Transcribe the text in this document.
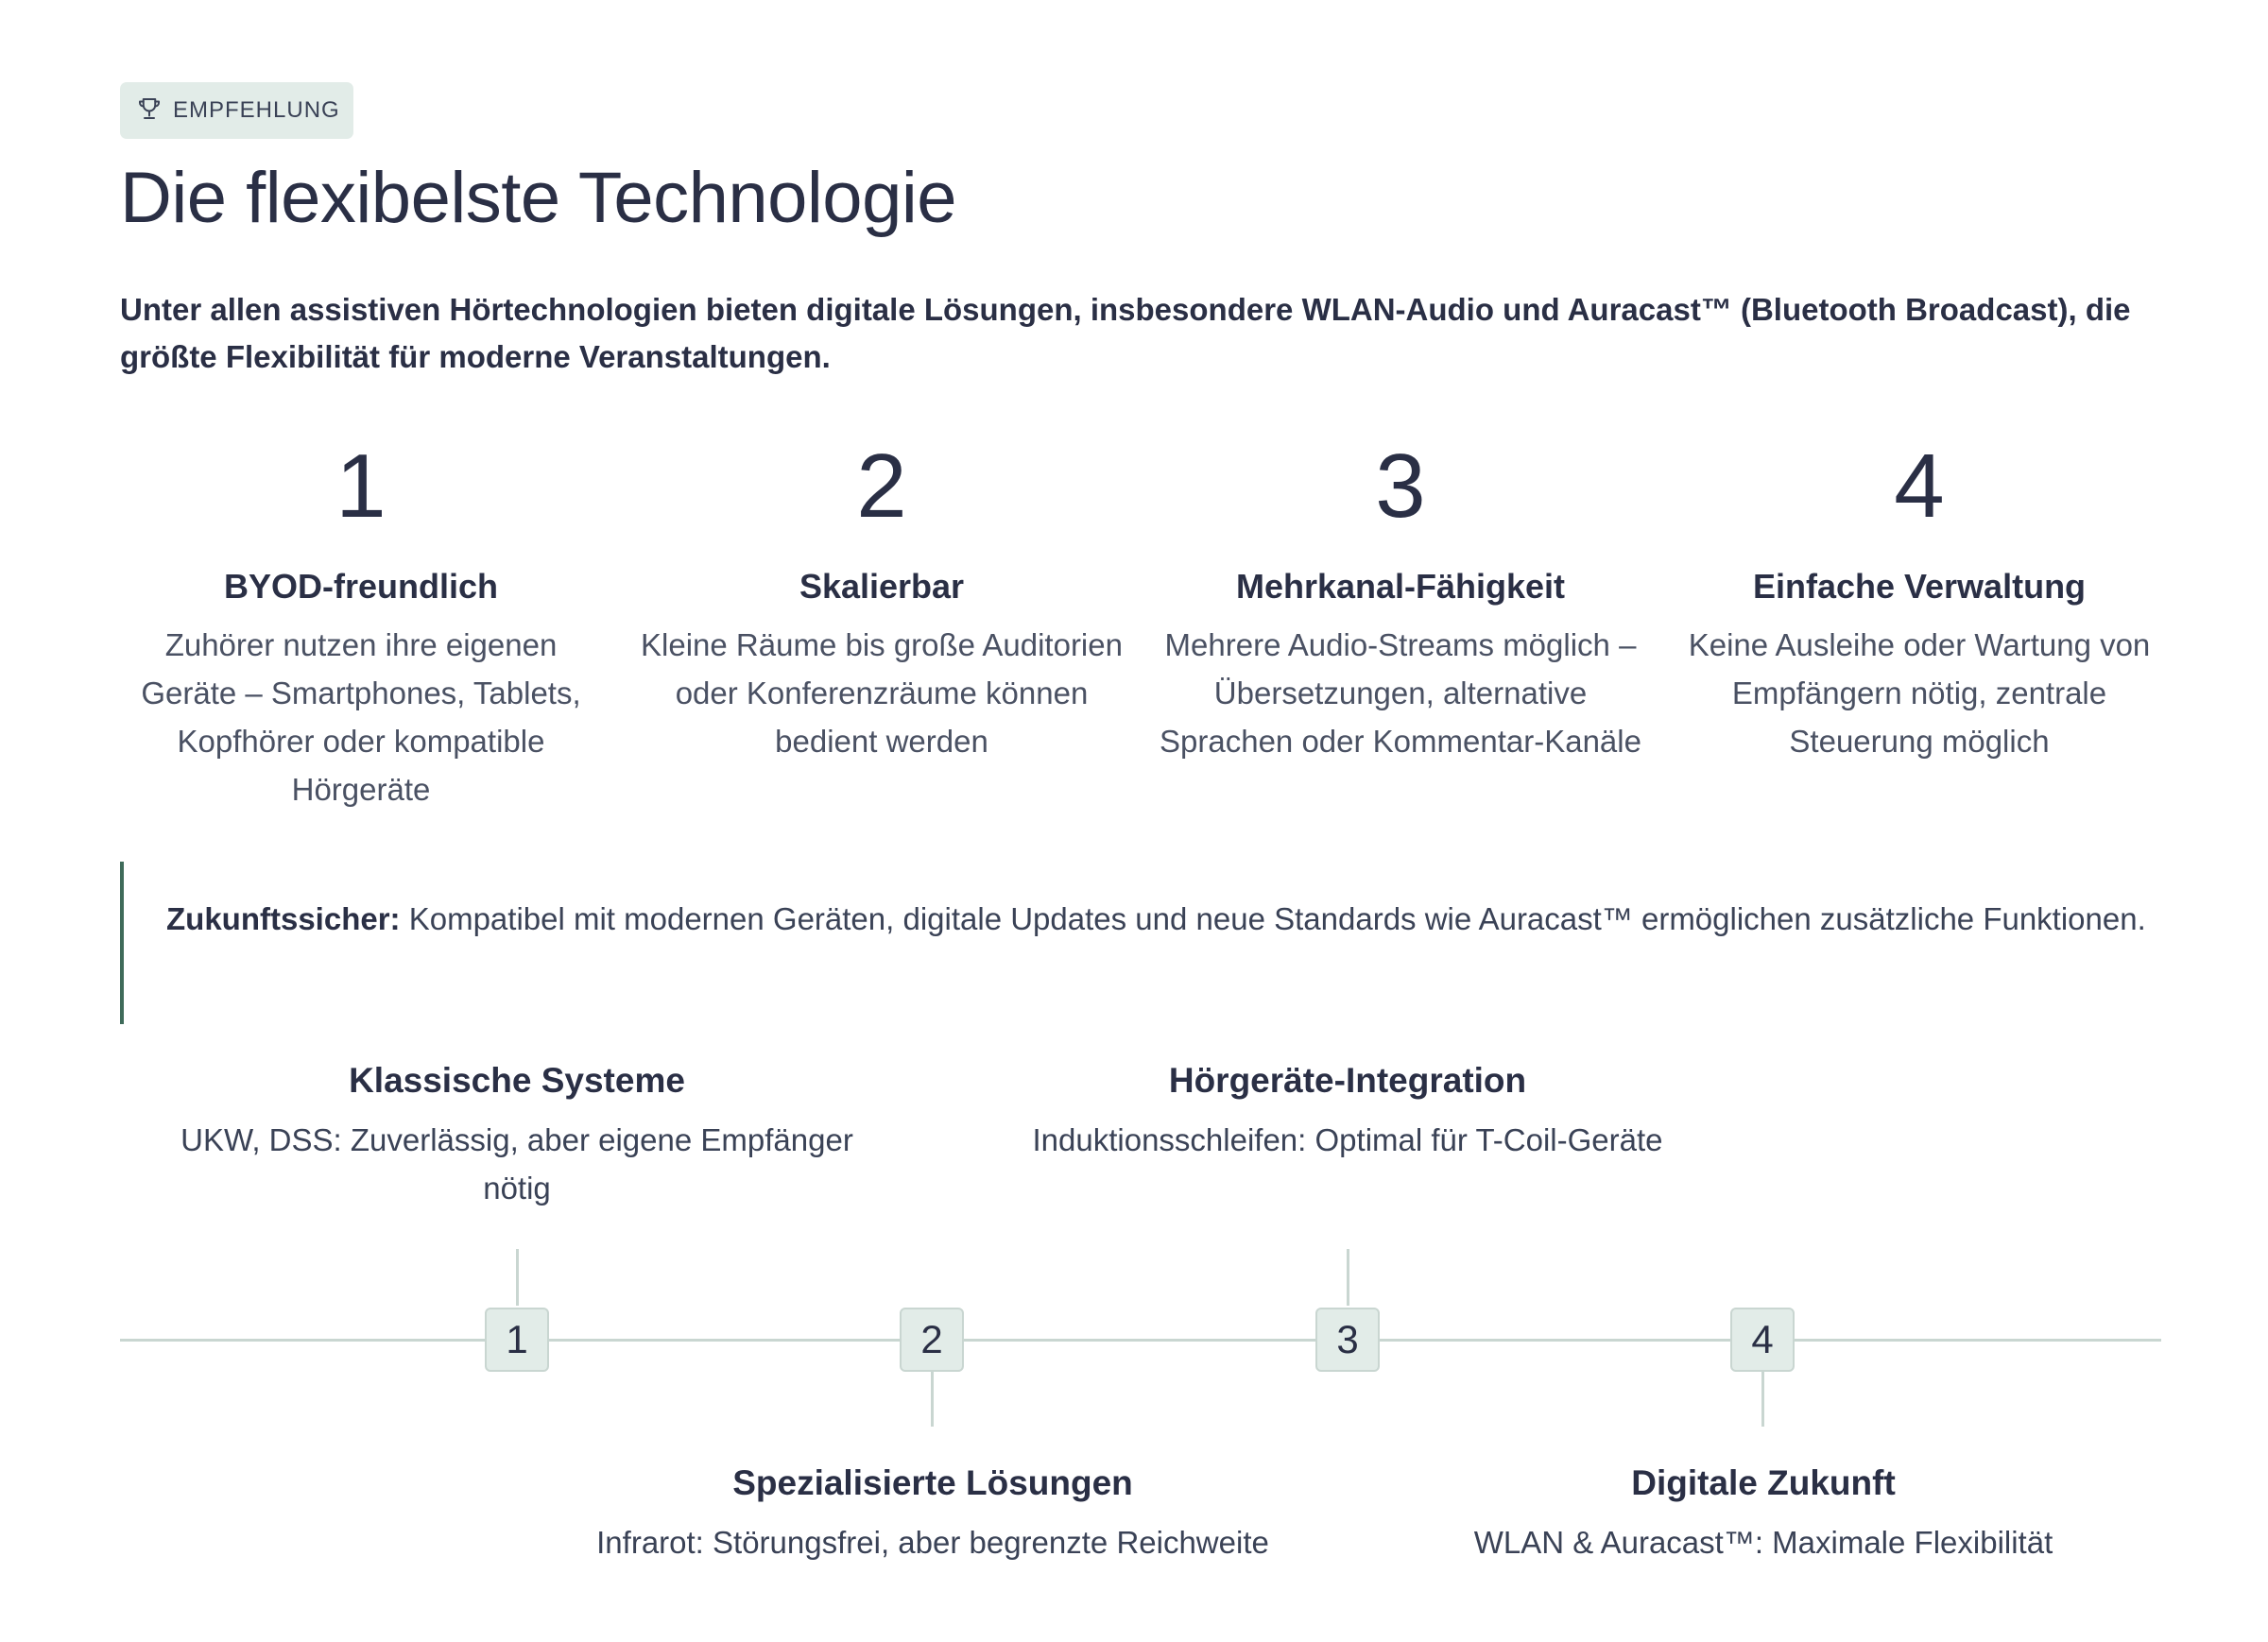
EMPFEHLUNG
Die flexibelste Technologie

Unter allen assistiven Hörtechnologien bieten digitale Lösungen, insbesondere WLAN-Audio und Auracast™ (Bluetooth Broadcast), die größte Flexibilität für moderne Veranstaltungen.

1
BYOD-freundlich
Zuhörer nutzen ihre eigenen Geräte – Smartphones, Tablets, Kopfhörer oder kompatible Hörgeräte
2
Skalierbar
Kleine Räume bis große Auditorien oder Konferenzräume können bedient werden
3
Mehrkanal-Fähigkeit
Mehrere Audio-Streams möglich – Übersetzungen, alternative Sprachen oder Kommentar-Kanäle
4
Einfache Verwaltung
Keine Ausleihe oder Wartung von Empfängern nötig, zentrale Steuerung möglich
Zukunftssicher: Kompatibel mit modernen Geräten, digitale Updates und neue Standards wie Auracast™ ermöglichen zusätzliche Funktionen.
1	2	3	4
Klassische Systeme
UKW, DSS: Zuverlässig, aber eigene Empfänger nötig
Spezialisierte Lösungen
Infrarot: Störungsfrei, aber begrenzte Reichweite
Hörgeräte-Integration
Induktionsschleifen: Optimal für T-Coil-Geräte
Digitale Zukunft
WLAN & Auracast™: Maximale Flexibilität
